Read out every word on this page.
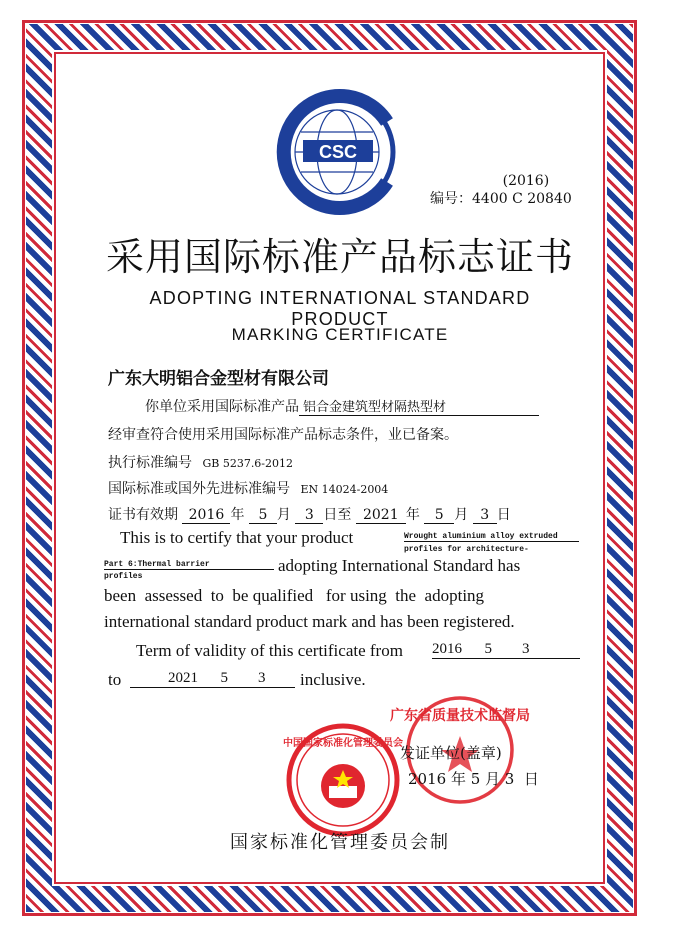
CSC
(2016)
编号：4400 C 20840
采用国际标准产品标志证书
ADOPTING INTERNATIONAL STANDARD PRODUCT
MARKING CERTIFICATE
广东大明铝合金型材有限公司
你单位采用国际标准产品 铝合金建筑型材隔热型材
经审查符合使用采用国际标准产品标志条件，业已备案。
执行标准编号 GB 5237.6-2012
国际标准或国外先进标准编号 EN 14024-2004
证书有效期 2016 年 5 月 3 日至 2021 年 5 月 3 日
This is to certify that your product	Wrought aluminium alloy extruded
profiles for architecture-
Part 6:Thermal barrier
profiles
adopting International Standard has
been  assessed  to  be qualified   for using  the  adopting
international standard product mark and has been registered.
Term of validity of this certificate from 2016      5        3
to	2021      5        3	inclusive.
广东省质量技术监督局
发证单位(盖章)
2016 年 5 月 3  日
中国国家标准化管理委员会
国家标准化管理委员会制
